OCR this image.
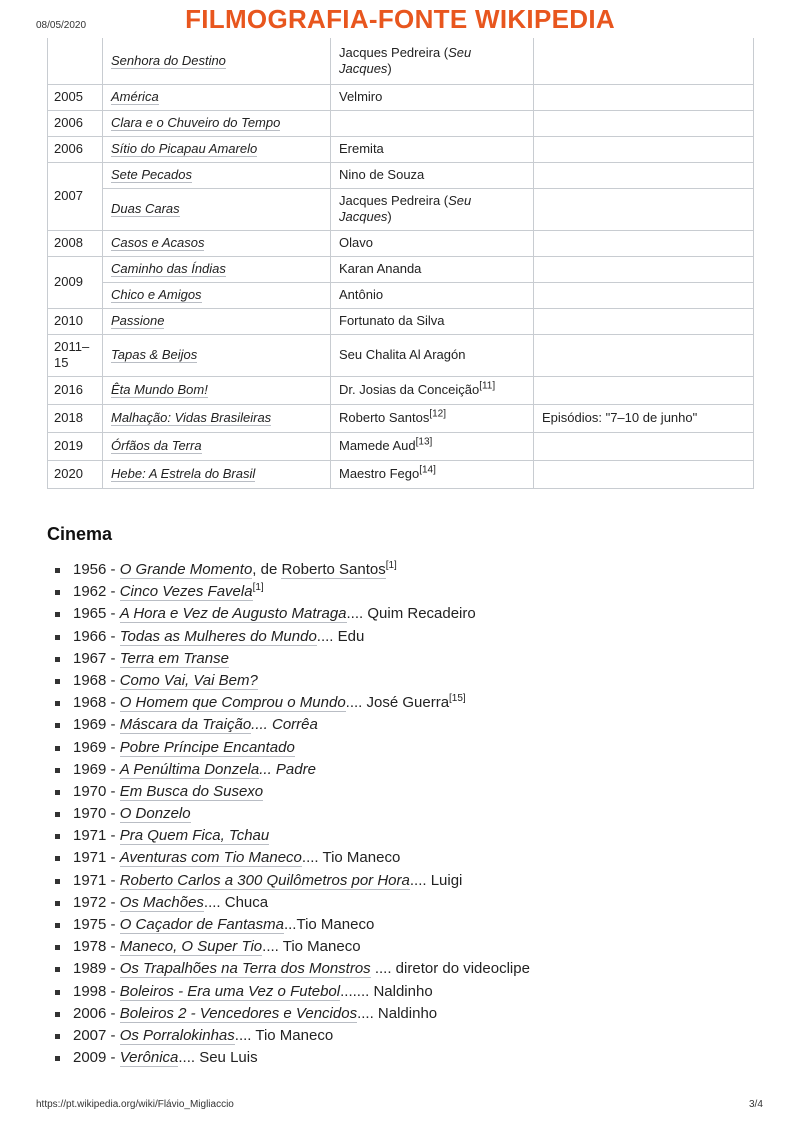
08/05/2020	FILMOGRAFIA-FONTE WIKIPEDIA
	Senhora do Destino	Jacques Pedreira (Seu Jacques)	
2005	América	Velmiro	
2006	Clara e o Chuveiro do Tempo		
2006	Sítio do Picapau Amarelo	Eremita	
2007	Sete Pecados	Nino de Souza	
	Duas Caras	Jacques Pedreira (Seu Jacques)	
2008	Casos e Acasos	Olavo	
2009	Caminho das Índias	Karan Ananda	
	Chico e Amigos	Antônio	
2010	Passione	Fortunato da Silva	
2011–15	Tapas & Beijos	Seu Chalita Al Aragón	
2016	Êta Mundo Bom!	Dr. Josias da Conceição[11]	
2018	Malhação: Vidas Brasileiras	Roberto Santos[12]	Episódios: "7–10 de junho"
2019	Órfãos da Terra	Mamede Aud[13]	
2020	Hebe: A Estrela do Brasil	Maestro Fego[14]	
Cinema
1956 - O Grande Momento, de Roberto Santos[1]
1962 - Cinco Vezes Favela[1]
1965 - A Hora e Vez de Augusto Matraga.... Quim Recadeiro
1966 - Todas as Mulheres do Mundo.... Edu
1967 - Terra em Transe
1968 - Como Vai, Vai Bem?
1968 - O Homem que Comprou o Mundo.... José Guerra[15]
1969 - Máscara da Traição.... Corrêa
1969 - Pobre Príncipe Encantado
1969 - A Penúltima Donzela... Padre
1970 - Em Busca do Susexo
1970 - O Donzelo
1971 - Pra Quem Fica, Tchau
1971 - Aventuras com Tio Maneco.... Tio Maneco
1971 - Roberto Carlos a 300 Quilômetros por Hora.... Luigi
1972 - Os Machões.... Chuca
1975 - O Caçador de Fantasma...Tio Maneco
1978 - Maneco, O Super Tio.... Tio Maneco
1989 - Os Trapalhões na Terra dos Monstros .... diretor do videoclipe
1998 - Boleiros - Era uma Vez o Futebol....... Naldinho
2006 - Boleiros 2 - Vencedores e Vencidos.... Naldinho
2007 - Os Porralokinhas.... Tio Maneco
2009 - Verônica.... Seu Luis
https://pt.wikipedia.org/wiki/Flávio_Migliaccio	3/4
